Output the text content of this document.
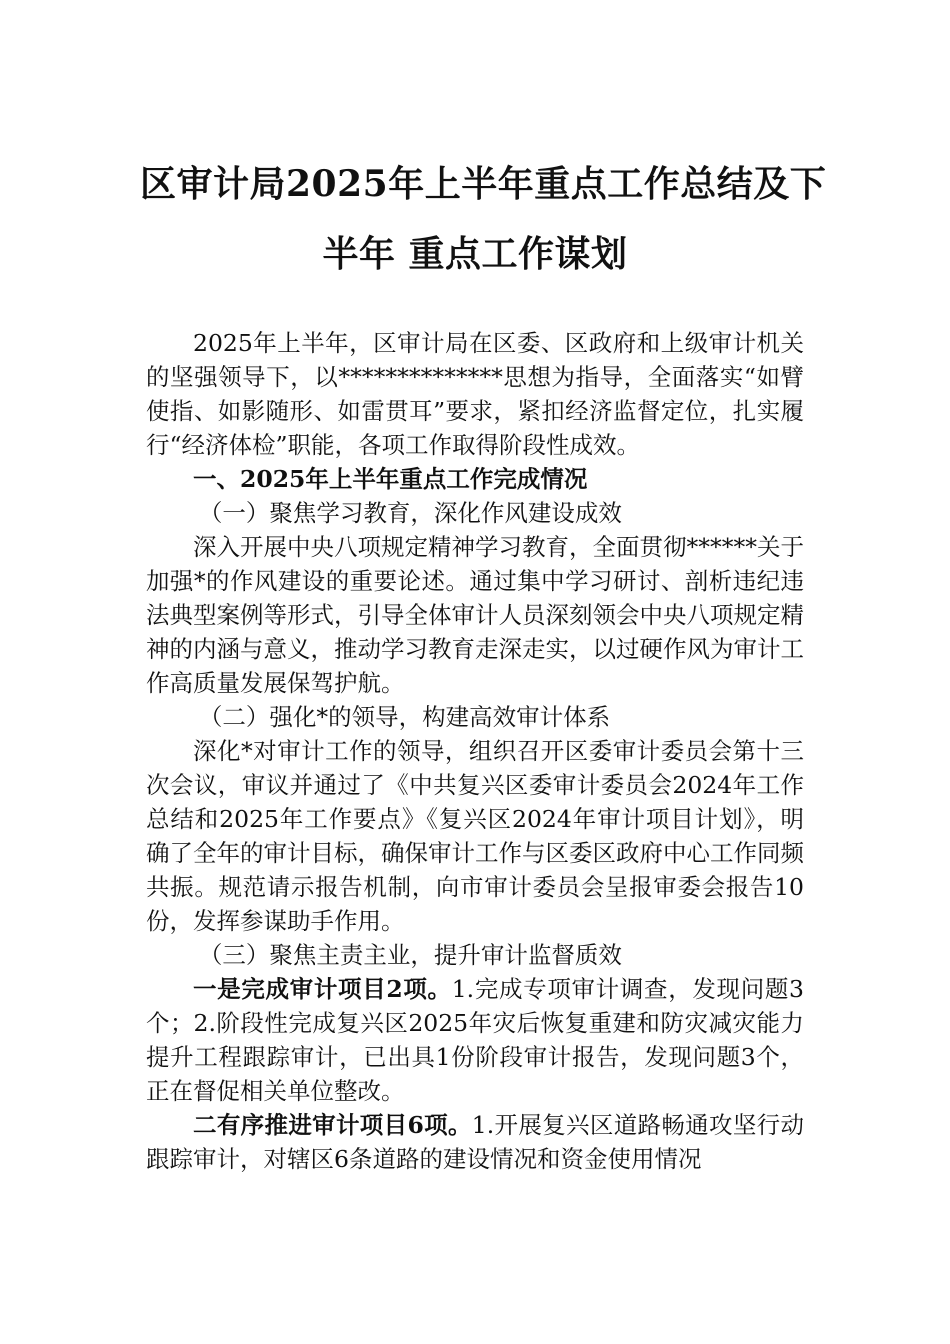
区审计局2025年上半年重点工作总结及下
半年 重点工作谋划

2025年上半年，区审计局在区委、区政府和上级审计机关的坚强领导下，以**************思想为指导，全面落实“如臂使指、如影随形、如雷贯耳”要求，紧扣经济监督定位，扎实履行“经济体检”职能，各项工作取得阶段性成效。

一、2025年上半年重点工作完成情况

（一）聚焦学习教育，深化作风建设成效

深入开展中央八项规定精神学习教育，全面贯彻******关于加强*的作风建设的重要论述。通过集中学习研讨、剖析违纪违法典型案例等形式，引导全体审计人员深刻领会中央八项规定精神的内涵与意义，推动学习教育走深走实，以过硬作风为审计工作高质量发展保驾护航。

（二）强化*的领导，构建高效审计体系

深化*对审计工作的领导，组织召开区委审计委员会第十三次会议，审议并通过了《中共复兴区委审计委员会2024年工作总结和2025年工作要点》《复兴区2024年审计项目计划》，明确了全年的审计目标，确保审计工作与区委区政府中心工作同频共振。规范请示报告机制，向市审计委员会呈报审委会报告10份，发挥参谋助手作用。

（三）聚焦主责主业，提升审计监督质效

一是完成审计项目2项。1.完成专项审计调查，发现问题3个；2.阶段性完成复兴区2025年灾后恢复重建和防灾减灾能力提升工程跟踪审计，已出具1份阶段审计报告，发现问题3个，正在督促相关单位整改。

二有序推进审计项目6项。1.开展复兴区道路畅通攻坚行动跟踪审计，对辖区6条道路的建设情况和资金使用情况
